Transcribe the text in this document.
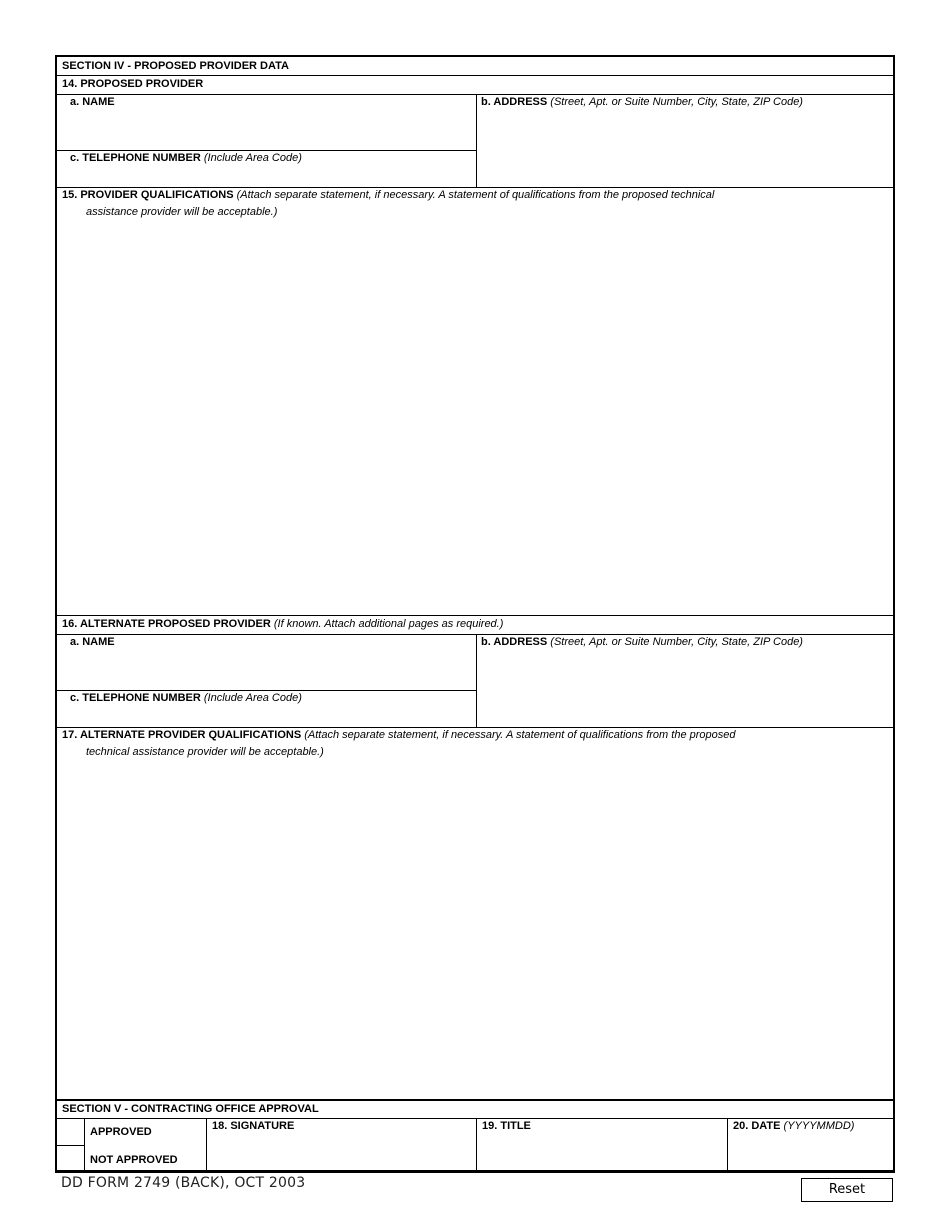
SECTION IV - PROPOSED PROVIDER DATA
14. PROPOSED PROVIDER
a. NAME	b. ADDRESS (Street, Apt. or Suite Number, City, State, ZIP Code)
c. TELEPHONE NUMBER (Include Area Code)
15. PROVIDER QUALIFICATIONS (Attach separate statement, if necessary. A statement of qualifications from the proposed technical
assistance provider will be acceptable.)
16. ALTERNATE PROPOSED PROVIDER (If known. Attach additional pages as required.)
a. NAME	b. ADDRESS (Street, Apt. or Suite Number, City, State, ZIP Code)
c. TELEPHONE NUMBER (Include Area Code)
17. ALTERNATE PROVIDER QUALIFICATIONS (Attach separate statement, if necessary. A statement of qualifications from the proposed
technical assistance provider will be acceptable.)
SECTION V - CONTRACTING OFFICE APPROVAL
APPROVED
NOT APPROVED
18. SIGNATURE	19. TITLE	20. DATE (YYYYMMDD)
DD FORM 2749 (BACK), OCT 2003	Reset
